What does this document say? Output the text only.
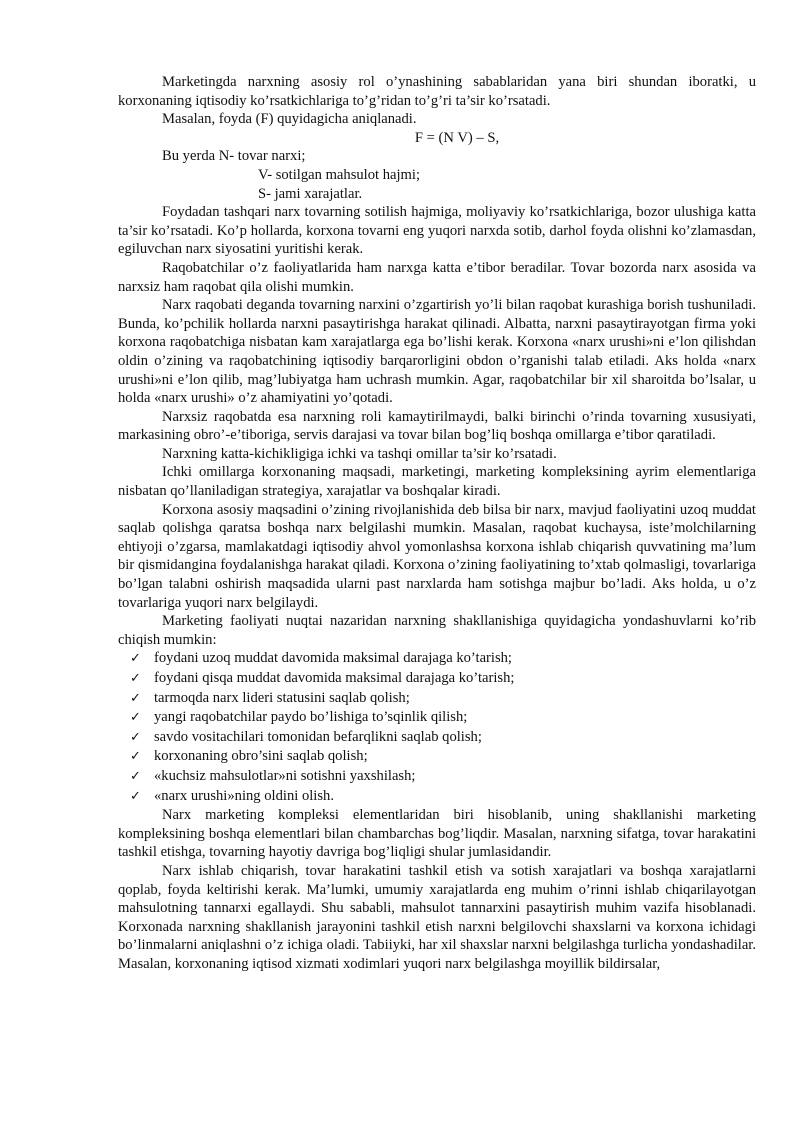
Marketingda narxning asosiy rol o’ynashining sabablaridan yana biri shundan iboratki, u korxonaning iqtisodiy ko’rsatkichlariga to’g’ridan to’g’ri ta’sir ko’rsatadi.

Masalan, foyda (F) quyidagicha aniqlanadi.

F = (N V) – S,

Bu yerda N- tovar narxi;

V- sotilgan mahsulot hajmi;

S- jami xarajatlar.

Foydadan tashqari narx tovarning sotilish hajmiga, moliyaviy ko’rsatkichlariga, bozor ulushiga katta ta’sir ko’rsatadi. Ko’p hollarda, korxona tovarni eng yuqori narxda sotib, darhol foyda olishni ko’zlamasdan, egiluvchan narx siyosatini yuritishi kerak.

Raqobatchilar o’z faoliyatlarida ham narxga katta e’tibor beradilar. Tovar bozorda narx asosida va narxsiz ham raqobat qila olishi mumkin.

Narx raqobati deganda tovarning narxini o’zgartirish yo’li bilan raqobat kurashiga borish tushuniladi. Bunda, ko’pchilik hollarda narxni pasaytirishga harakat qilinadi. Albatta, narxni pasaytirayotgan firma yoki korxona raqobatchiga nisbatan kam xarajatlarga ega bo’lishi kerak. Korxona «narx urushi»ni e’lon qilishdan oldin o’zining va raqobatchining iqtisodiy barqarorligini obdon o’rganishi talab etiladi. Aks holda «narx urushi»ni e’lon qilib, mag’lubiyatga ham uchrash mumkin. Agar, raqobatchilar bir xil sharoitda bo’lsalar, u holda «narx urushi» o’z ahamiyatini yo’qotadi.

Narxsiz raqobatda esa narxning roli kamaytirilmaydi, balki birinchi o’rinda tovarning xususiyati, markasining obro’-e’tiboriga, servis darajasi va tovar bilan bog’liq boshqa omillarga e’tibor qaratiladi.

Narxning katta-kichikligiga ichki va tashqi omillar ta’sir ko’rsatadi.

Ichki omillarga korxonaning maqsadi, marketingi, marketing kompleksining ayrim elementlariga nisbatan qo’llaniladigan strategiya, xarajatlar va boshqalar kiradi.

Korxona asosiy maqsadini o’zining rivojlanishida deb bilsa bir narx, mavjud faoliyatini uzoq muddat saqlab qolishga qaratsa boshqa narx belgilashi mumkin. Masalan, raqobat kuchaysa, iste’molchilarning ehtiyoji o’zgarsa, mamlakatdagi iqtisodiy ahvol yomonlashsa korxona ishlab chiqarish quvvatining ma’lum bir qismidangina foydalanishga harakat qiladi. Korxona o’zining faoliyatining to’xtab qolmasligi, tovarlariga bo’lgan talabni oshirish maqsadida ularni past narxlarda ham sotishga majbur bo’ladi. Aks holda, u o’z tovarlariga yuqori narx belgilaydi.

Marketing faoliyati nuqtai nazaridan narxning shakllanishiga quyidagicha yondashuvlarni ko’rib chiqish mumkin:

✓ foydani uzoq muddat davomida maksimal darajaga ko’tarish;
✓ foydani qisqa muddat davomida maksimal darajaga ko’tarish;
✓ tarmoqda narx lideri statusini saqlab qolish;
✓ yangi raqobatchilar paydo bo’lishiga to’sqinlik qilish;
✓ savdo vositachilari tomonidan befarqlikni saqlab qolish;
✓ korxonaning obro’sini saqlab qolish;
✓ «kuchsiz mahsulotlar»ni sotishni yaxshilash;
✓ «narx urushi»ning oldini olish.

Narx marketing kompleksi elementlaridan biri hisoblanib, uning shakllanishi marketing kompleksining boshqa elementlari bilan chambarchas bog’liqdir. Masalan, narxning sifatga, tovar harakatini tashkil etishga, tovarning hayotiy davriga bog’liqligi shular jumlasidandir.

Narx ishlab chiqarish, tovar harakatini tashkil etish va sotish xarajatlari va boshqa xarajatlarni qoplab, foyda keltirishi kerak. Ma’lumki, umumiy xarajatlarda eng muhim o’rinni ishlab chiqarilayotgan mahsulotning tannarxi egallaydi. Shu sababli, mahsulot tannarxini pasaytirish muhim vazifa hisoblanadi. Korxonada narxning shakllanish jarayonini tashkil etish narxni belgilovchi shaxslarni va korxona ichidagi bo’linmalarni aniqlashni o’z ichiga oladi. Tabiiyki, har xil shaxslar narxni belgilashga turlicha yondashadilar. Masalan, korxonaning iqtisod xizmati xodimlari yuqori narx belgilashga moyillik bildirsalar,
